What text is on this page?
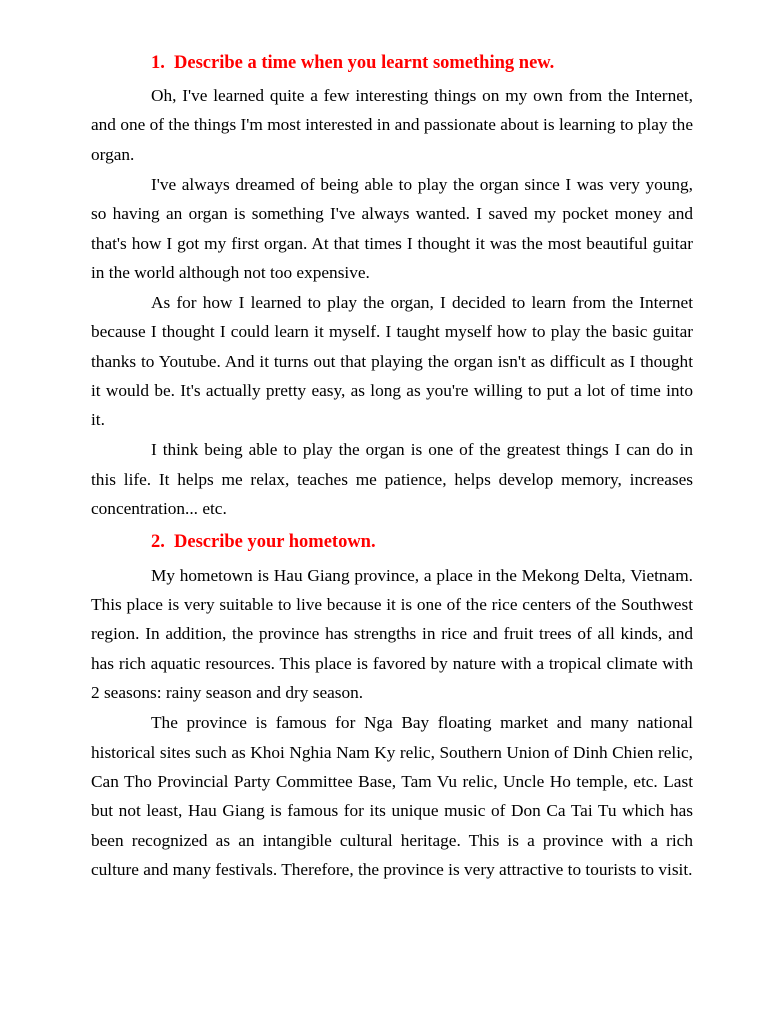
1. Describe a time when you learnt something new.

Oh, I've learned quite a few interesting things on my own from the Internet, and one of the things I'm most interested in and passionate about is learning to play the organ.

I've always dreamed of being able to play the organ since I was very young, so having an organ is something I've always wanted. I saved my pocket money and that's how I got my first organ. At that times I thought it was the most beautiful guitar in the world although not too expensive.

As for how I learned to play the organ, I decided to learn from the Internet because I thought I could learn it myself. I taught myself how to play the basic guitar thanks to Youtube. And it turns out that playing the organ isn't as difficult as I thought it would be. It's actually pretty easy, as long as you're willing to put a lot of time into it.

I think being able to play the organ is one of the greatest things I can do in this life. It helps me relax, teaches me patience, helps develop memory, increases concentration... etc.

2. Describe your hometown.

My hometown is Hau Giang province, a place in the Mekong Delta, Vietnam. This place is very suitable to live because it is one of the rice centers of the Southwest region. In addition, the province has strengths in rice and fruit trees of all kinds, and has rich aquatic resources. This place is favored by nature with a tropical climate with 2 seasons: rainy season and dry season.

The province is famous for Nga Bay floating market and many national historical sites such as Khoi Nghia Nam Ky relic, Southern Union of Dinh Chien relic, Can Tho Provincial Party Committee Base, Tam Vu relic, Uncle Ho temple, etc. Last but not least, Hau Giang is famous for its unique music of Don Ca Tai Tu which has been recognized as an intangible cultural heritage. This is a province with a rich culture and many festivals. Therefore, the province is very attractive to tourists to visit.
